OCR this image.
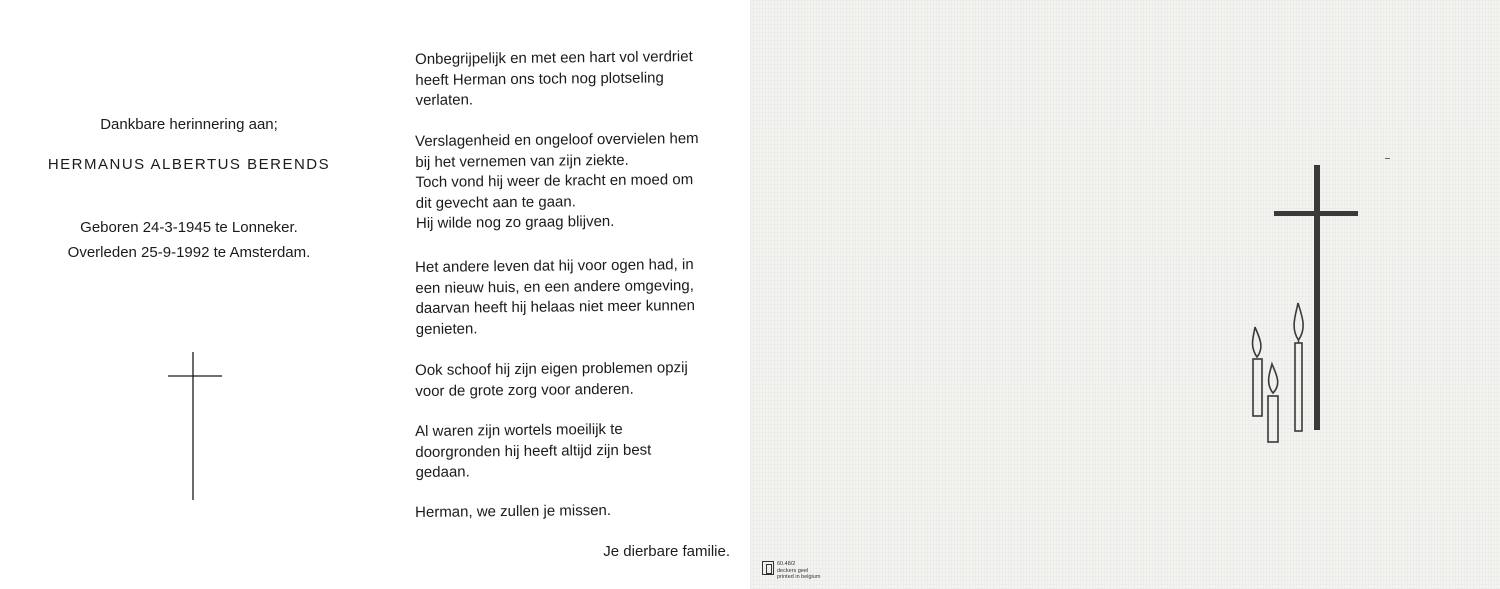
Dankbare herinnering aan;
HERMANUS ALBERTUS BERENDS
Geboren 24-3-1945 te Lonneker.
Overleden 25-9-1992 te Amsterdam.

Onbegrijpelijk en met een hart vol verdriet
heeft Herman ons toch nog plotseling
verlaten.

Verslagenheid en ongeloof overvielen hem
bij het vernemen van zijn ziekte.
Toch vond hij weer de kracht en moed om
dit gevecht aan te gaan.
Hij wilde nog zo graag blijven.

Het andere leven dat hij voor ogen had, in
een nieuw huis, en een andere omgeving,
daarvan heeft hij helaas niet meer kunnen
genieten.

Ook schoof hij zijn eigen problemen opzij
voor de grote zorg voor anderen.

Al waren zijn wortels moeilijk te
doorgronden hij heeft altijd zijn best
gedaan.

Herman, we zullen je missen.

Je dierbare familie.
60.48/2
deckers geel
printed in belgium
